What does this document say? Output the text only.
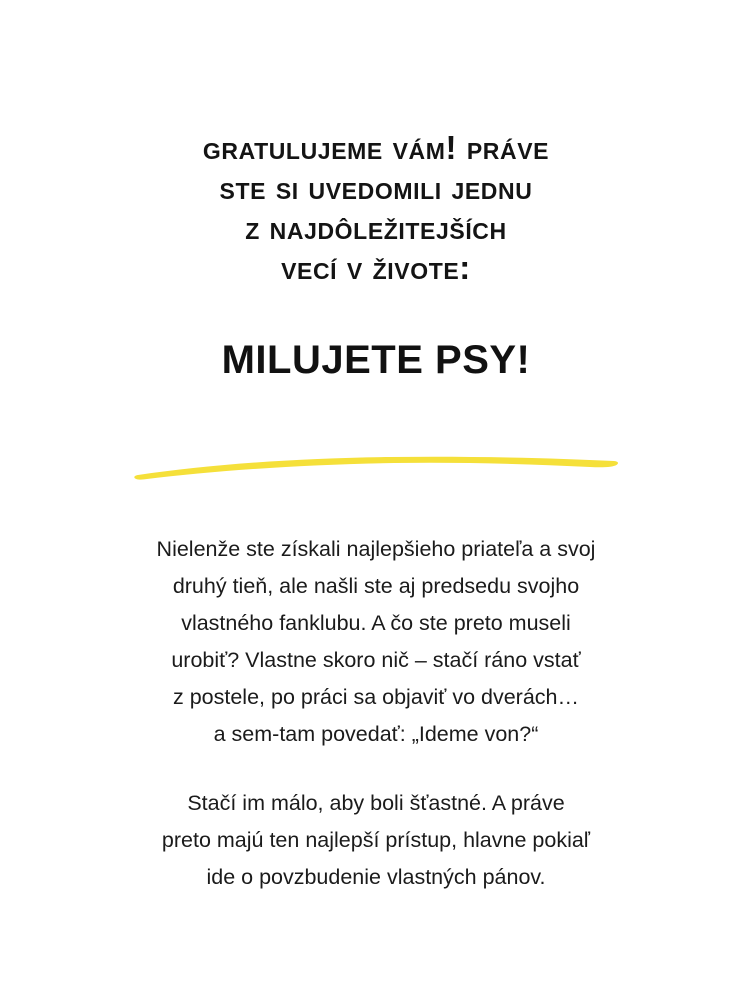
gratulujeme vám! práve
ste si uvedomili jednu
z najdôležitejších
vecí v živote:
MILUJETE PSY!

Nielenže ste získali najlepšieho priateľa a svoj
druhý tieň, ale našli ste aj predsedu svojho
vlastného fanklubu. A čo ste preto museli
urobiť? Vlastne skoro nič – stačí ráno vstať
z postele, po práci sa objaviť vo dverách…
a sem-tam povedať: „Ideme von?“

Stačí im málo, aby boli šťastné. A práve
preto majú ten najlepší prístup, hlavne pokiaľ
ide o povzbudenie vlastných pánov.
